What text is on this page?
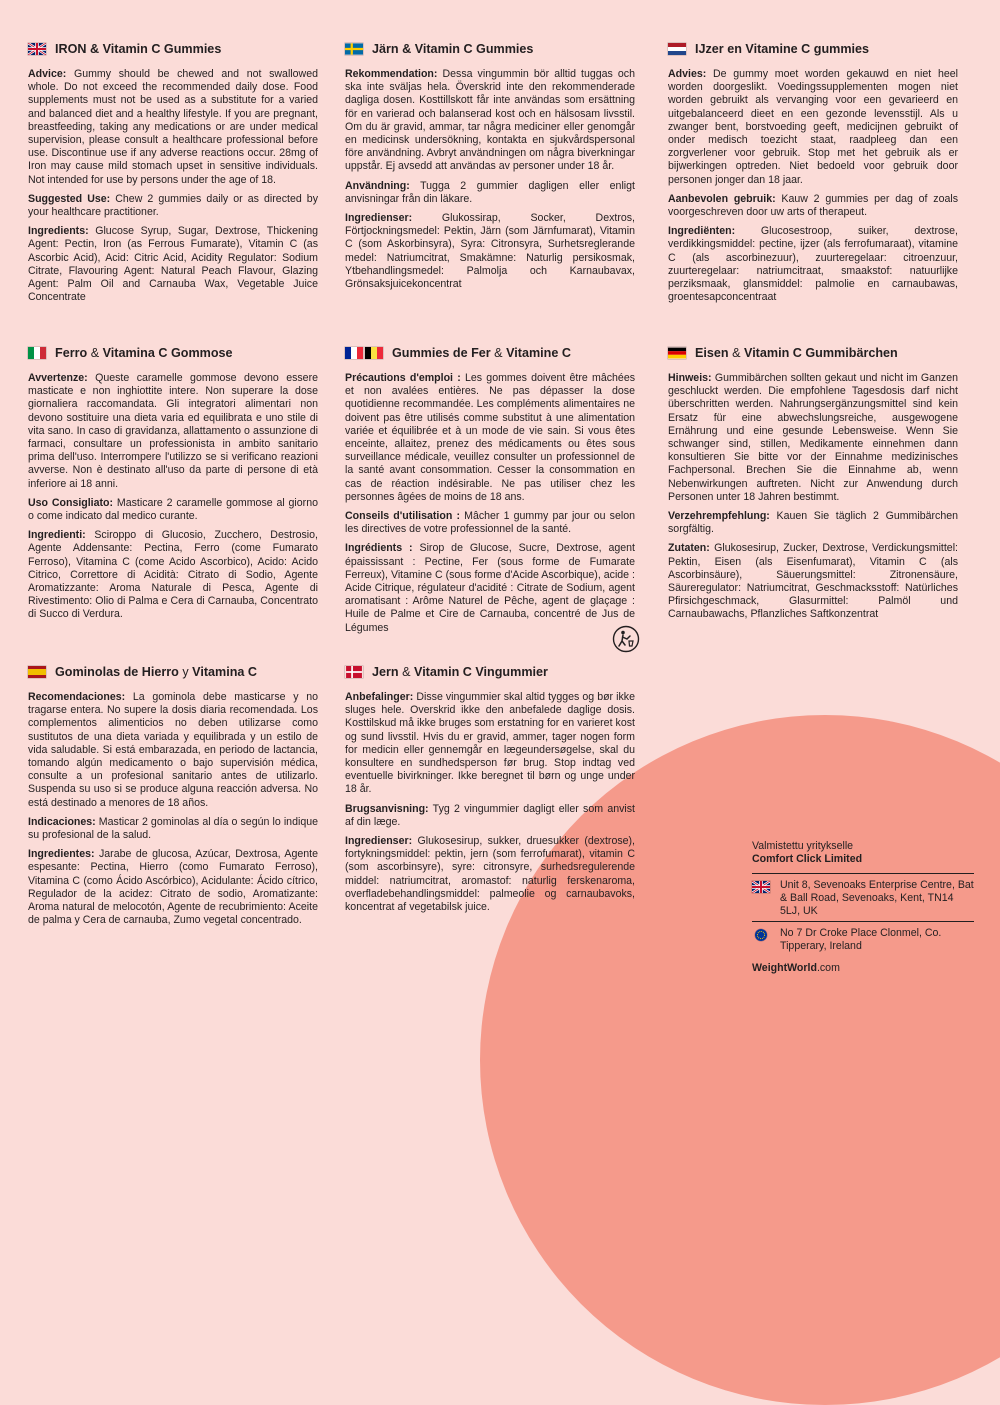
IRON & Vitamin C Gummies

Advice: Gummy should be chewed and not swallowed whole. Do not exceed the recommended daily dose. Food supplements must not be used as a substitute for a varied and balanced diet and a healthy lifestyle. If you are pregnant, breastfeeding, taking any medications or are under medical supervision, please consult a healthcare professional before use. Discontinue use if any adverse reactions occur. 28mg of Iron may cause mild stomach upset in sensitive individuals. Not intended for use by persons under the age of 18.

Suggested Use: Chew 2 gummies daily or as directed by your healthcare practitioner.

Ingredients: Glucose Syrup, Sugar, Dextrose, Thickening Agent: Pectin, Iron (as Ferrous Fumarate), Vitamin C (as Ascorbic Acid), Acid: Citric Acid, Acidity Regulator: Sodium Citrate, Flavouring Agent: Natural Peach Flavour, Glazing Agent: Palm Oil and Carnauba Wax, Vegetable Juice Concentrate

Järn & Vitamin C Gummies

Rekommendation: Dessa vingummin bör alltid tuggas och ska inte sväljas hela. Överskrid inte den rekommenderade dagliga dosen. Kosttillskott får inte användas som ersättning för en varierad och balanserad kost och en hälsosam livsstil. Om du är gravid, ammar, tar några mediciner eller genomgår en medicinsk undersökning, kontakta en sjukvårdspersonal före användning. Avbryt användningen om några biverkningar uppstår. Ej avsedd att användas av personer under 18 år.

Användning: Tugga 2 gummier dagligen eller enligt anvisningar från din läkare.

Ingredienser: Glukossirap, Socker, Dextros, Förtjockningsmedel: Pektin, Järn (som Järnfumarat), Vitamin C (som Askorbinsyra), Syra: Citronsyra, Surhetsreglerande medel: Natriumcitrat, Smakämne: Naturlig persikosmak, Ytbehandlingsmedel: Palmolja och Karnaubavax, Grönsaksjuicekoncentrat

IJzer en Vitamine C gummies

Advies: De gummy moet worden gekauwd en niet heel worden doorgeslikt. Voedingssupplementen mogen niet worden gebruikt als vervanging voor een gevarieerd en uitgebalanceerd dieet en een gezonde levensstijl. Als u zwanger bent, borstvoeding geeft, medicijnen gebruikt of onder medisch toezicht staat, raadpleeg dan een zorgverlener voor gebruik. Stop met het gebruik als er bijwerkingen optreden. Niet bedoeld voor gebruik door personen jonger dan 18 jaar.

Aanbevolen gebruik: Kauw 2 gummies per dag of zoals voorgeschreven door uw arts of therapeut.

Ingrediënten: Glucosestroop, suiker, dextrose, verdikkingsmiddel: pectine, ijzer (als ferrofumaraat), vitamine C (als ascorbinezuur), zuurteregelaar: citroenzuur, zuurteregelaar: natriumcitraat, smaakstof: natuurlijke perziksmaak, glansmiddel: palmolie en carnaubawas, groentesapconcentraat

Ferro & Vitamina C Gommose

Avvertenze: Queste caramelle gommose devono essere masticate e non inghiottite intere. Non superare la dose giornaliera raccomandata. Gli integratori alimentari non devono sostituire una dieta varia ed equilibrata e uno stile di vita sano. In caso di gravidanza, allattamento o assunzione di farmaci, consultare un professionista in ambito sanitario prima dell'uso. Interrompere l'utilizzo se si verificano reazioni avverse. Non è destinato all'uso da parte di persone di età inferiore ai 18 anni.

Uso Consigliato: Masticare 2 caramelle gommose al giorno o come indicato dal medico curante.

Ingredienti: Sciroppo di Glucosio, Zucchero, Destrosio, Agente Addensante: Pectina, Ferro (come Fumarato Ferroso), Vitamina C (come Acido Ascorbico), Acido: Acido Citrico, Correttore di Acidità: Citrato di Sodio, Agente Aromatizzante: Aroma Naturale di Pesca, Agente di Rivestimento: Olio di Palma e Cera di Carnauba, Concentrato di Succo di Verdura.

Gummies de Fer & Vitamine C

Précautions d'emploi : Les gommes doivent être mâchées et non avalées entières. Ne pas dépasser la dose quotidienne recommandée. Les compléments alimentaires ne doivent pas être utilisés comme substitut à une alimentation variée et équilibrée et à un mode de vie sain. Si vous êtes enceinte, allaitez, prenez des médicaments ou êtes sous surveillance médicale, veuillez consulter un professionnel de la santé avant consommation. Cesser la consommation en cas de réaction indésirable. Ne pas utiliser chez les personnes âgées de moins de 18 ans.

Conseils d'utilisation : Mâcher 1 gummy par jour ou selon les directives de votre professionnel de la santé.

Ingrédients : Sirop de Glucose, Sucre, Dextrose, agent épaississant : Pectine, Fer (sous forme de Fumarate Ferreux), Vitamine C (sous forme d'Acide Ascorbique), acide : Acide Citrique, régulateur d'acidité : Citrate de Sodium, agent aromatisant : Arôme Naturel de Pêche, agent de glaçage : Huile de Palme et Cire de Carnauba, concentré de Jus de Légumes

Eisen & Vitamin C Gummibärchen

Hinweis: Gummibärchen sollten gekaut und nicht im Ganzen geschluckt werden. Die empfohlene Tagesdosis darf nicht überschritten werden. Nahrungsergänzungsmittel sind kein Ersatz für eine abwechslungsreiche, ausgewogene Ernährung und eine gesunde Lebensweise. Wenn Sie schwanger sind, stillen, Medikamente einnehmen dann konsultieren Sie bitte vor der Einnahme medizinisches Fachpersonal. Brechen Sie die Einnahme ab, wenn Nebenwirkungen auftreten. Nicht zur Anwendung durch Personen unter 18 Jahren bestimmt.

Verzehrempfehlung: Kauen Sie täglich 2 Gummibärchen sorgfältig.

Zutaten: Glukosesirup, Zucker, Dextrose, Verdickungsmittel: Pektin, Eisen (als Eisenfumarat), Vitamin C (als Ascorbinsäure), Säuerungsmittel: Zitronensäure, Säureregulator: Natriumcitrat, Geschmacksstoff: Natürliches Pfirsichgeschmack, Glasurmittel: Palmöl und Carnaubawachs, Pflanzliches Saftkonzentrat

Gominolas de Hierro y Vitamina C

Recomendaciones: La gominola debe masticarse y no tragarse entera. No supere la dosis diaria recomendada. Los complementos alimenticios no deben utilizarse como sustitutos de una dieta variada y equilibrada y un estilo de vida saludable. Si está embarazada, en periodo de lactancia, tomando algún medicamento o bajo supervisión médica, consulte a un profesional sanitario antes de utilizarlo. Suspenda su uso si se produce alguna reacción adversa. No está destinado a menores de 18 años.

Indicaciones: Masticar 2 gominolas al día o según lo indique su profesional de la salud.

Ingredientes: Jarabe de glucosa, Azúcar, Dextrosa, Agente espesante: Pectina, Hierro (como Fumarato Ferroso), Vitamina C (como Ácido Ascórbico), Acidulante: Ácido cítrico, Regulador de la acidez: Citrato de sodio, Aromatizante: Aroma natural de melocotón, Agente de recubrimiento: Aceite de palma y Cera de carnauba, Zumo vegetal concentrado.

Jern & Vitamin C Vingummier

Anbefalinger: Disse vingummier skal altid tygges og bør ikke sluges hele. Overskrid ikke den anbefalede daglige dosis. Kosttilskud må ikke bruges som erstatning for en varieret kost og sund livsstil. Hvis du er gravid, ammer, tager nogen form for medicin eller gennemgår en lægeundersøgelse, skal du konsultere en sundhedsperson før brug. Stop indtag ved eventuelle bivirkninger. Ikke beregnet til børn og unge under 18 år.

Brugsanvisning: Tyg 2 vingummier dagligt eller som anvist af din læge.

Ingredienser: Glukosesirup, sukker, druesukker (dextrose), fortykningsmiddel: pektin, jern (som ferrofumarat), vitamin C (som ascorbinsyre), syre: citronsyre, surhedsregulerende middel: natriumcitrat, aromastof: naturlig ferskenaroma, overfladebehandlingsmiddel: palmeolie og carnaubavoks, koncentrat af vegetabilsk juice.

Valmistettu yritykselle
Comfort Click Limited
Unit 8, Sevenoaks Enterprise Centre, Bat & Ball Road, Sevenoaks, Kent, TN14 5LJ, UK
No 7 Dr Croke Place Clonmel, Co. Tipperary, Ireland
WeightWorld.com
